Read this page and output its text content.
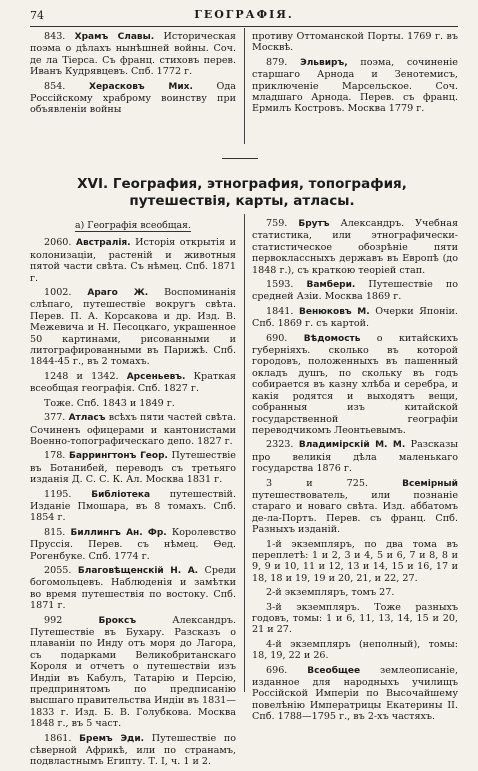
74	ГЕОГРАФІЯ.

843. Храмъ Славы. Историческая поэма о дѣлахъ нынѣшней войны. Соч. де ла Тіерса. Съ франц. стиховъ перев. Иванъ Кудрявцевъ. Спб. 1772 г.

854.	Херасковъ Мих. Ода Россійскому храброму воинству при объявленіи войны

противу Оттоманской Порты. 1769 г. въ Москвѣ.

879. Эльвиръ, поэма, сочиненіе старшаго Арнода и Зенотемисъ, приключеніе Марсельское. Соч. младшаго Арнода. Перев. съ франц. Ермилъ Костровъ. Москва 1779 г.

XVI. География, этнография, топография, путешествія, карты, атласы.

а) Географія всеобщая.

2060. Австралія. Исторія открытія и колонизаціи, растеній и животныя пятой части свѣта. Съ нѣмец. Спб. 1871 г.

1002. Араго Ж. Воспоминанія слѣпаго, путешествіе вокругъ свѣта. Перев. П. А. Корсакова и др. Изд. В. Межевича и Н. Песоцкаго, украшенное 50 картинами, рисованными и литографированными въ Парижѣ. Спб. 1844-45 г., въ 2 томахъ.

1248 и 1342. Арсеньевъ. Краткая всеобщая географія. Спб. 1827 г.

Тоже. Спб. 1843 и 1849 г.

377. Атласъ всѣхъ пяти частей свѣта. Сочиненъ офицерами и кантонистами Военно-топографическаго депо. 1827 г.

178. Баррингтонъ Геор. Путешествіе въ Ботанибей, переводъ съ третьяго изданія Д. С. С. К. Ал. Москва 1831 г.

1195. Библіотека путешествій. Изданіе Пмошара, въ 8 томахъ. Спб. 1854 г.

815. Биллингъ Ан. Фр. Королевство Пруссія. Перев. съ нѣмец. Ѳед. Рогенбуке. Спб. 1774 г.

2055. Благовѣщенскій Н. А. Среди богомольцевъ. Наблюденія и замѣтки во время путешествія по востоку. Спб. 1871 г.

992	Броксъ	Александръ. Путешествіе въ Бухару. Разсказъ о плаваніи по Инду отъ моря до Лагора, съ подарками Великобританскаго Короля и отчетъ о путешествіи изъ Индіи въ Кабулъ, Татарію и Персію, предпринятомъ по предписанію высшаго правительства Индіи въ 1831—1833 г. Изд. Б. В. Голубкова. Москва 1848 г., въ 5 част.

1861. Бремъ Эди. Путешествіе по сѣверной Африкѣ, или по странамъ, подвластнымъ Египту. Т. I, ч. 1 и 2.

759. Брутъ Александръ. Учебная статистика, или этнографически-статистическое обозрѣніе пяти первоклассныхъ державъ въ Европѣ (до 1848 г.), съ краткою теоріей стап.

1593. Вамбери. Путешествіе по средней Азіи. Москва 1869 г.

1841. Венюковъ М. Очерки Японіи. Спб. 1869 г. съ картой.

690. Вѣдомость о китайскихъ губерніяхъ. сколько въ которой городовъ, положенныхъ въ пашенный окладъ душъ, по скольку въ годъ собирается въ казну хлѣба и серебра, и какія родятся и выходятъ вещи, собранныя изъ китайской государственной географіи переводчикомъ Леонтьевымъ.

2323. Владимірскій М. М. Разсказы про великія дѣла маленькаго государства 1876 г.

3 и 725.	Всемірный путешествователь, или познаніе стараго и новаго свѣта. Изд. аббатомъ де-ла-Портъ. Перев. съ франц. Спб. Разныхъ изданій.

1-й экземпляръ, по два тома въ переплетѣ: 1 и 2, 3 и 4, 5 и 6, 7 и 8, 8 и 9, 9 и 10, 11 и 12, 13 и 14, 15 и 16, 17 и 18, 18 и 19, 19 и 20, 21, и 22, 27.

2-й экземпляръ, томъ 27.

3-й экземпляръ. Тоже разныхъ годовъ, томы: 1 и 6, 11, 13, 14, 15 и 20, 21 и 27.

4-й экземпляръ (неполный), томы: 18, 19, 22 и 26.

696. Всеобщее землеописаніе, изданное для народныхъ училищъ Россійской Имперіи по Высочайшему повелѣнію Императрицы Екатерины II. Спб. 1788—1795 г., въ 2-хъ частяхъ.
